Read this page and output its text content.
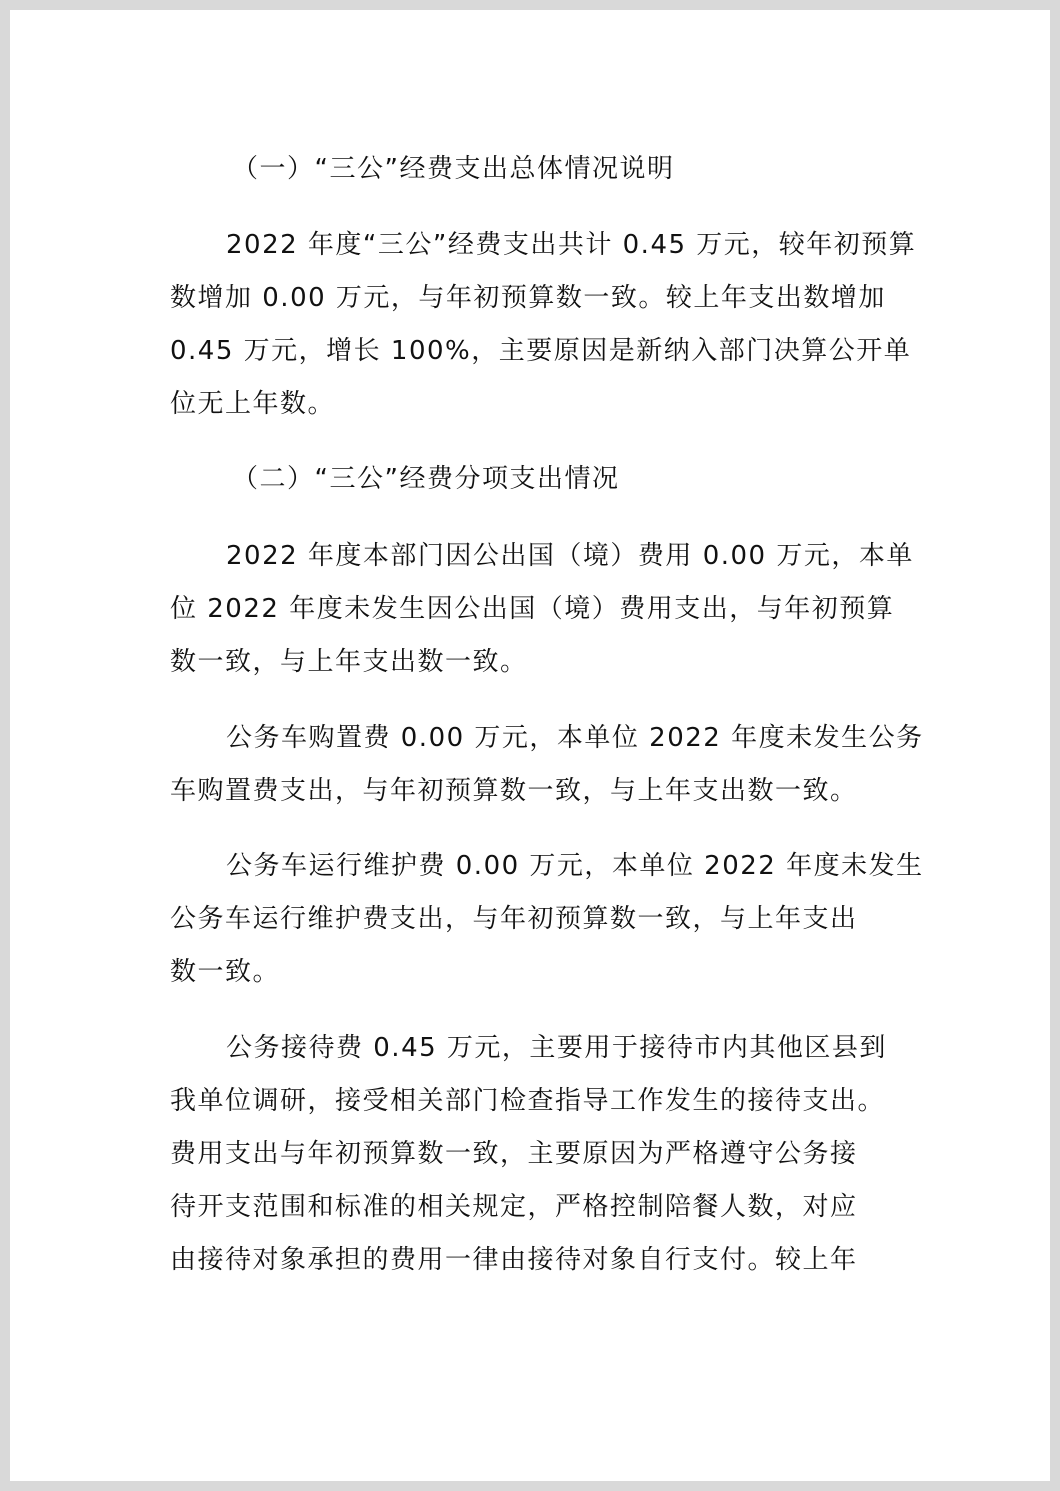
（一）“三公”经费支出总体情况说明
2022 年度“三公”经费支出共计 0.45 万元，较年初预算
数增加 0.00 万元，与年初预算数一致。较上年支出数增加
0.45 万元，增长 100%，主要原因是新纳入部门决算公开单
位无上年数。
（二）“三公”经费分项支出情况
2022 年度本部门因公出国（境）费用 0.00 万元，本单
位 2022 年度未发生因公出国（境）费用支出，与年初预算
数一致，与上年支出数一致。
公务车购置费 0.00 万元，本单位 2022 年度未发生公务
车购置费支出，与年初预算数一致，与上年支出数一致。
公务车运行维护费 0.00 万元，本单位 2022 年度未发生
公务车运行维护费支出，与年初预算数一致，与上年支出
数一致。
公务接待费 0.45 万元，主要用于接待市内其他区县到
我单位调研，接受相关部门检查指导工作发生的接待支出。
费用支出与年初预算数一致，主要原因为严格遵守公务接
待开支范围和标准的相关规定，严格控制陪餐人数，对应
由接待对象承担的费用一律由接待对象自行支付。较上年
